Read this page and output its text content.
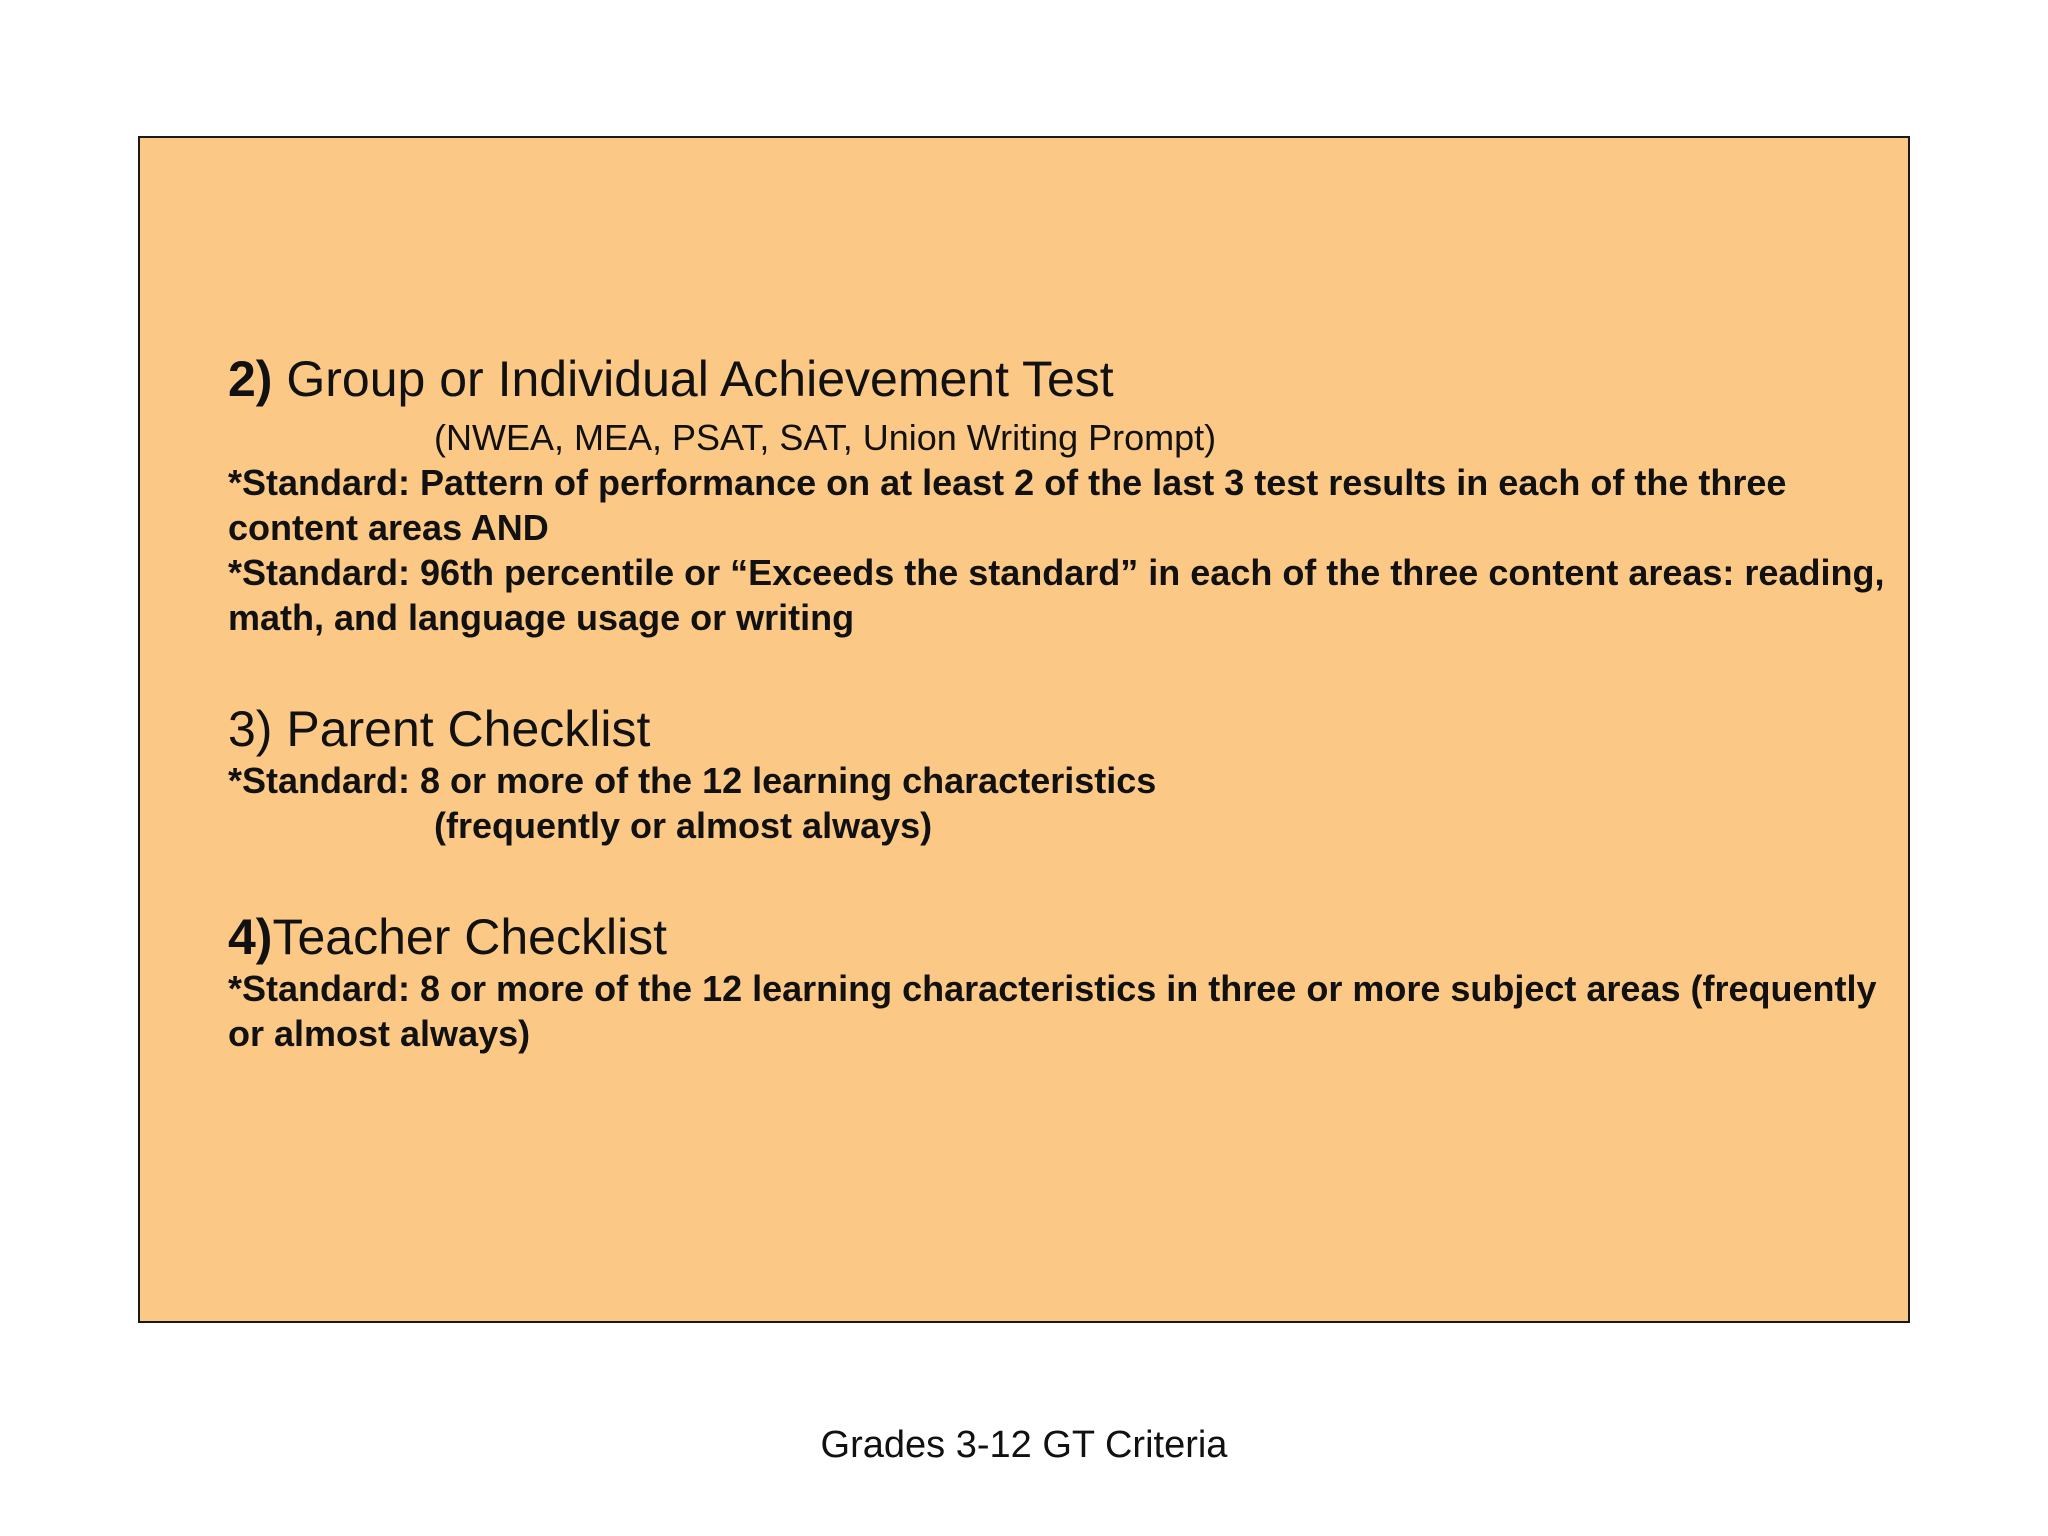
2) Group or Individual Achievement Test

(NWEA, MEA, PSAT, SAT, Union Writing Prompt)

*Standard: Pattern of performance on at least 2 of the last 3 test results in each of the three content areas AND

*Standard: 96th percentile or “Exceeds the standard” in each of the three content areas: reading, math, and language usage or writing

3) Parent Checklist

*Standard: 8 or more of the 12 learning characteristics

(frequently or almost always)

4)Teacher Checklist

*Standard: 8 or more of the 12 learning characteristics in three or more subject areas (frequently or almost always)

Grades 3-12 GT Criteria
